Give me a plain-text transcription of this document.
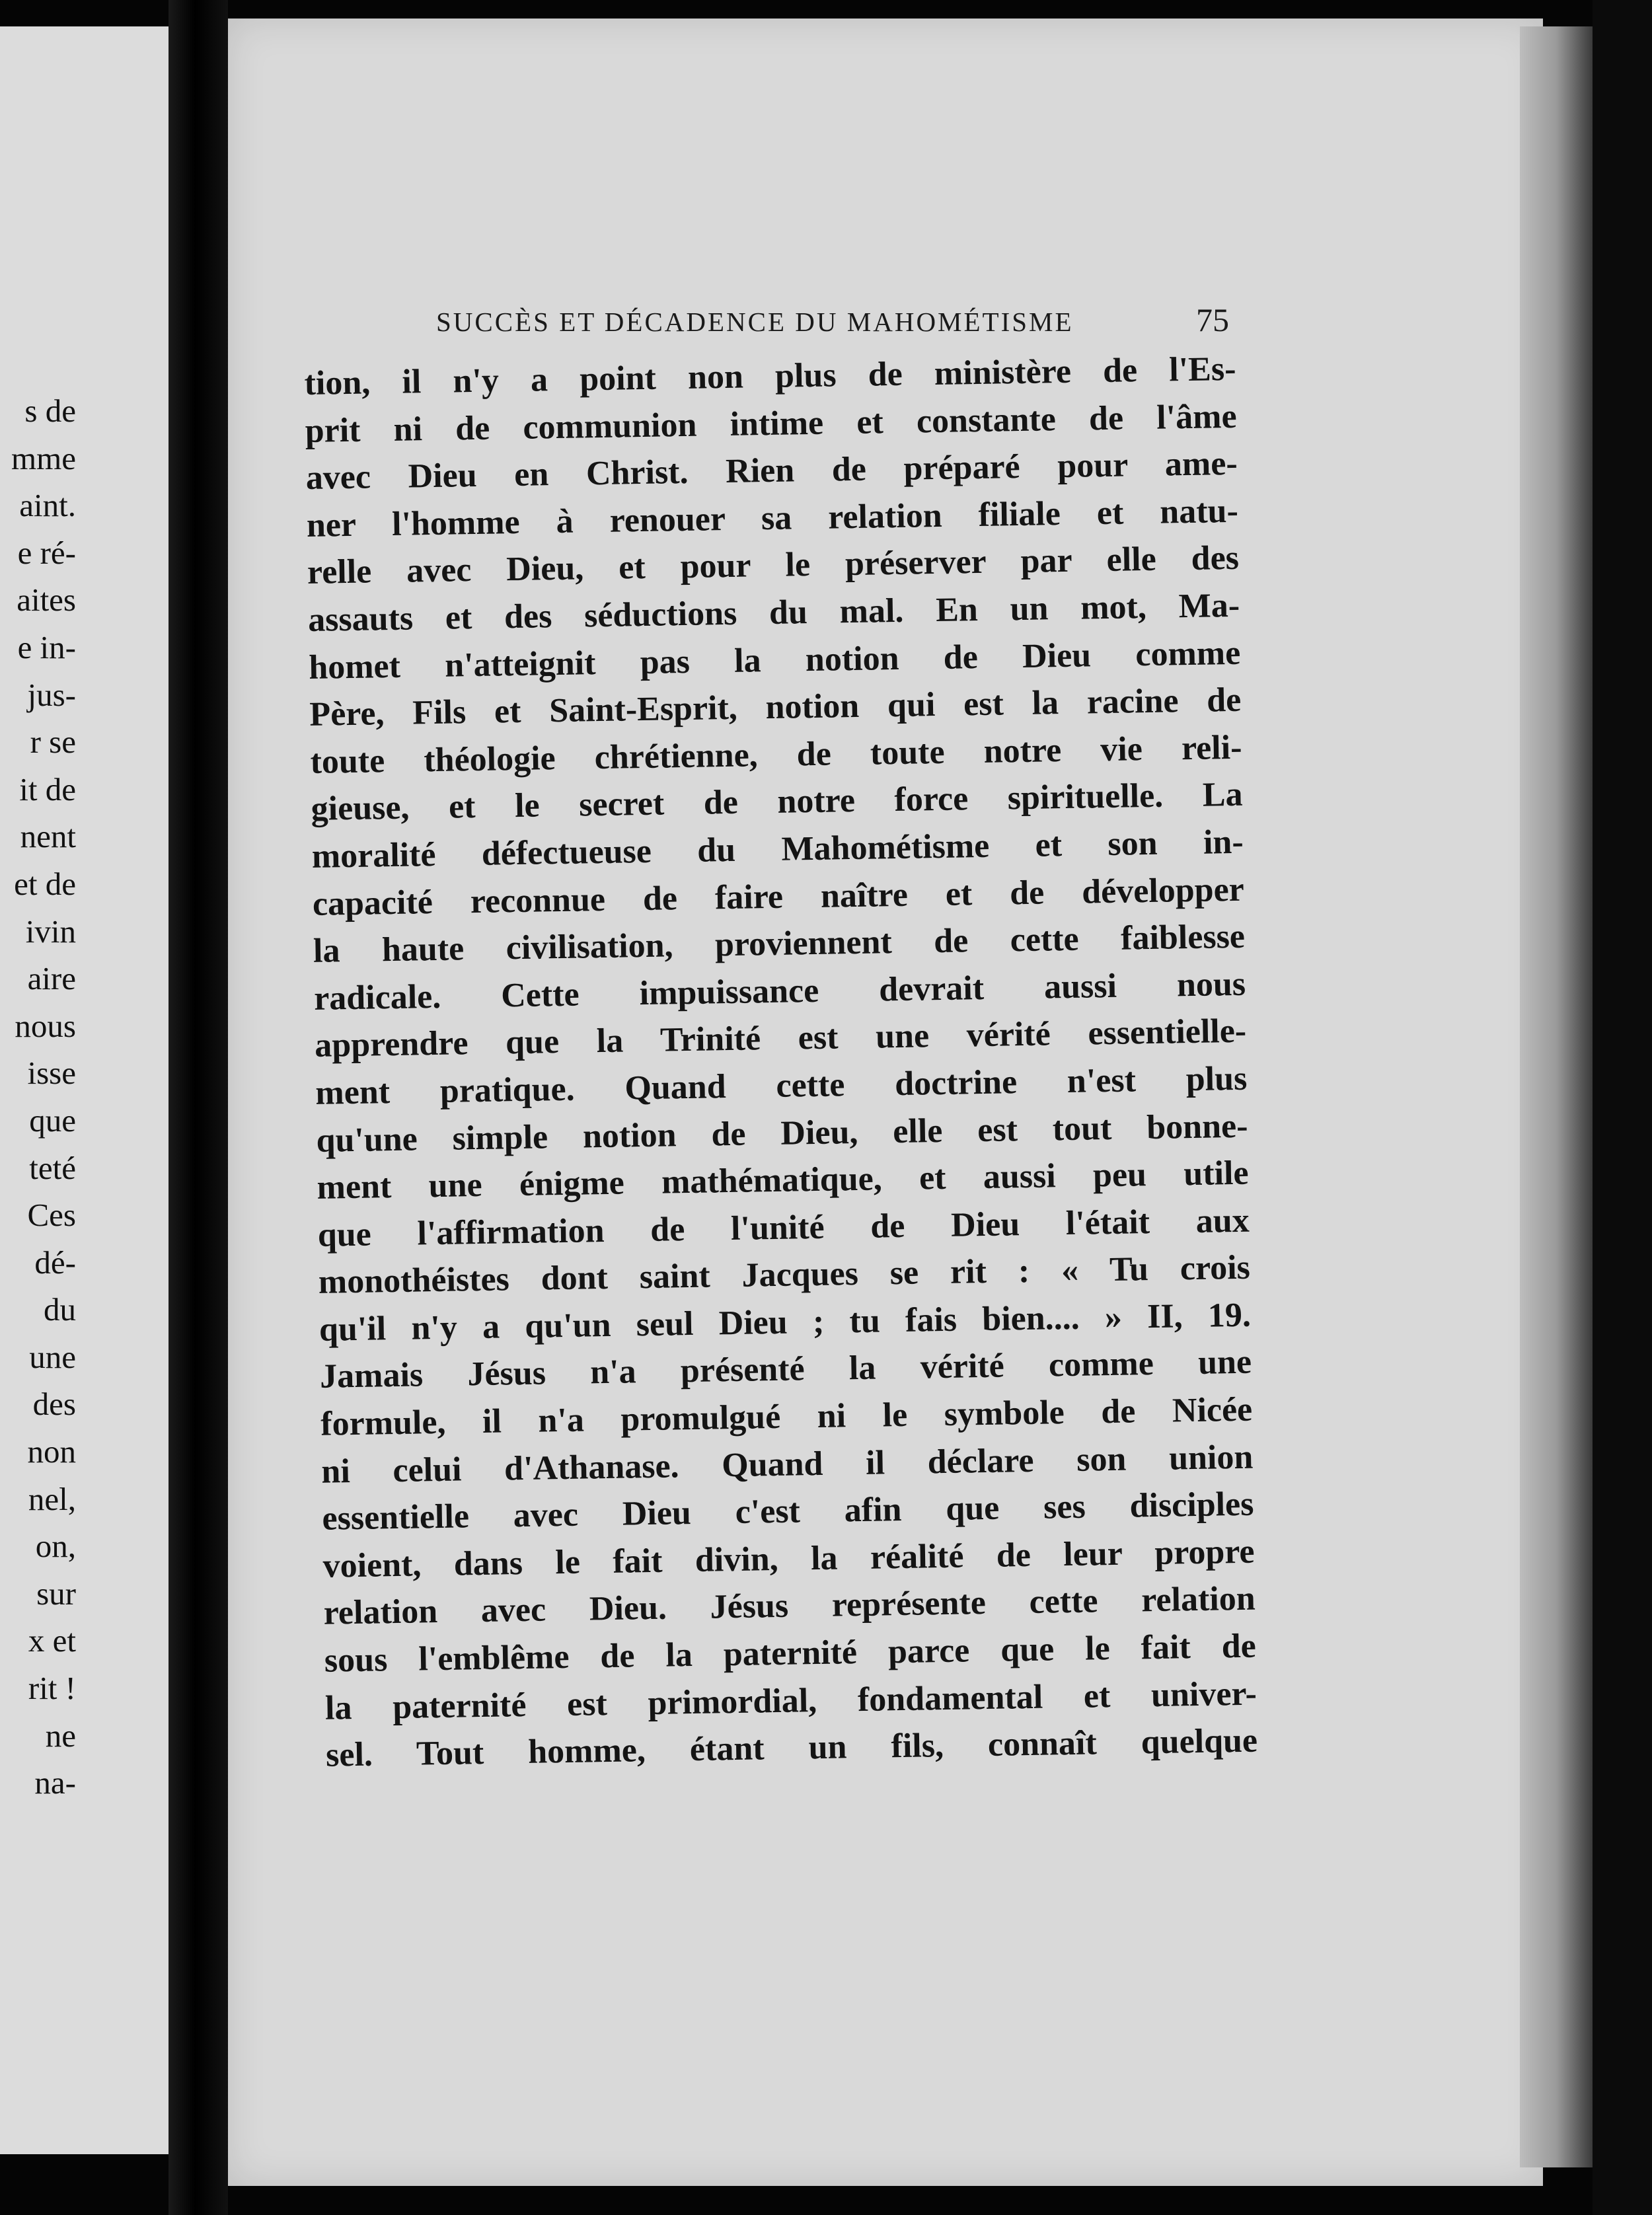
s de
mme
aint.
e ré-
aites
e in-
jus-
r se
it de
nent
et de
ivin
aire
nous
isse
que
teté
Ces
dé-
du
une
des
non
nel,
on,
sur
x et
rit !
ne
na-
SUCCÈS ET DÉCADENCE DU MAHOMÉTISME	75
tion, il n'y a point non plus de ministère de l'Es-
prit ni de communion intime et constante de l'âme
avec Dieu en Christ. Rien de préparé pour ame-
ner l'homme à renouer sa relation filiale et natu-
relle avec Dieu, et pour le préserver par elle des
assauts et des séductions du mal. En un mot, Ma-
homet n'atteignit pas la notion de Dieu comme
Père, Fils et Saint-Esprit, notion qui est la racine de
toute théologie chrétienne, de toute notre vie reli-
gieuse, et le secret de notre force spirituelle. La
moralité défectueuse du Mahométisme et son in-
capacité reconnue de faire naître et de développer
la haute civilisation, proviennent de cette faiblesse
radicale. Cette impuissance devrait aussi nous
apprendre que la Trinité est une vérité essentielle-
ment pratique. Quand cette doctrine n'est plus
qu'une simple notion de Dieu, elle est tout bonne-
ment une énigme mathématique, et aussi peu utile
que l'affirmation de l'unité de Dieu l'était aux
monothéistes dont saint Jacques se rit : « Tu crois
qu'il n'y a qu'un seul Dieu ; tu fais bien.... » II, 19.
Jamais Jésus n'a présenté la vérité comme une
formule, il n'a promulgué ni le symbole de Nicée
ni celui d'Athanase. Quand il déclare son union
essentielle avec Dieu c'est afin que ses disciples
voient, dans le fait divin, la réalité de leur propre
relation avec Dieu. Jésus représente cette relation
sous l'emblême de la paternité parce que le fait de
la paternité est primordial, fondamental et univer-
sel. Tout homme, étant un fils, connaît quelque
